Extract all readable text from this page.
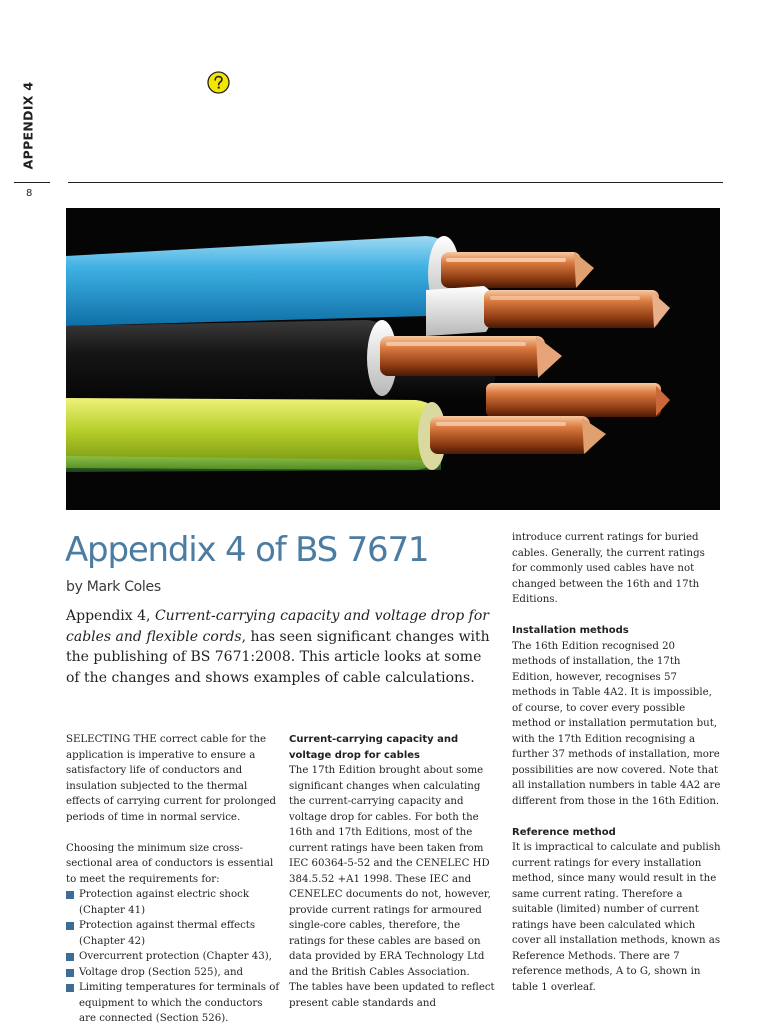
APPENDIX 4
8
Appendix 4 of BS 7671
by Mark Coles

Appendix 4, Current-carrying capacity and voltage drop for cables and flexible cords, has seen significant changes with the publishing of BS 7671:2008. This article looks at some of the changes and shows examples of cable calculations.

SELECTING THE correct cable for the application is imperative to ensure a satisfactory life of conductors and insulation subjected to the thermal effects of carrying current for prolonged periods of time in normal service.

Choosing the minimum size cross-sectional area of conductors is essential to meet the requirements for:

Protection against electric shock (Chapter 41)
Protection against thermal effects (Chapter 42)
Overcurrent protection (Chapter 43),
Voltage drop (Section 525), and
Limiting temperatures for terminals of equipment to which the conductors are connected (Section 526).
Current-carrying capacity and voltage drop for cables

The 17th Edition brought about some significant changes when calculating the current-carrying capacity and voltage drop for cables. For both the 16th and 17th Editions, most of the current ratings have been taken from IEC 60364-5-52 and the CENELEC HD 384.5.52 +A1 1998. These IEC and CENELEC documents do not, however, provide current ratings for armoured single-core cables, therefore, the ratings for these cables are based on data provided by ERA Technology Ltd and the British Cables Association.

The tables have been updated to reflect present cable standards and

introduce current ratings for buried cables. Generally, the current ratings for commonly used cables have not changed between the 16th and 17th Editions.

Installation methods

The 16th Edition recognised 20 methods of installation, the 17th Edition, however, recognises 57 methods in Table 4A2. It is impossible, of course, to cover every possible method or installation permutation but, with the 17th Edition recognising a further 37 methods of installation, more possibilities are now covered. Note that all installation numbers in table 4A2 are different from those in the 16th Edition.

Reference method

It is impractical to calculate and publish current ratings for every installation method, since many would result in the same current rating. Therefore a suitable (limited) number of current ratings have been calculated which cover all installation methods, known as Reference Methods. There are 7 reference methods, A to G, shown in table 1 overleaf.
